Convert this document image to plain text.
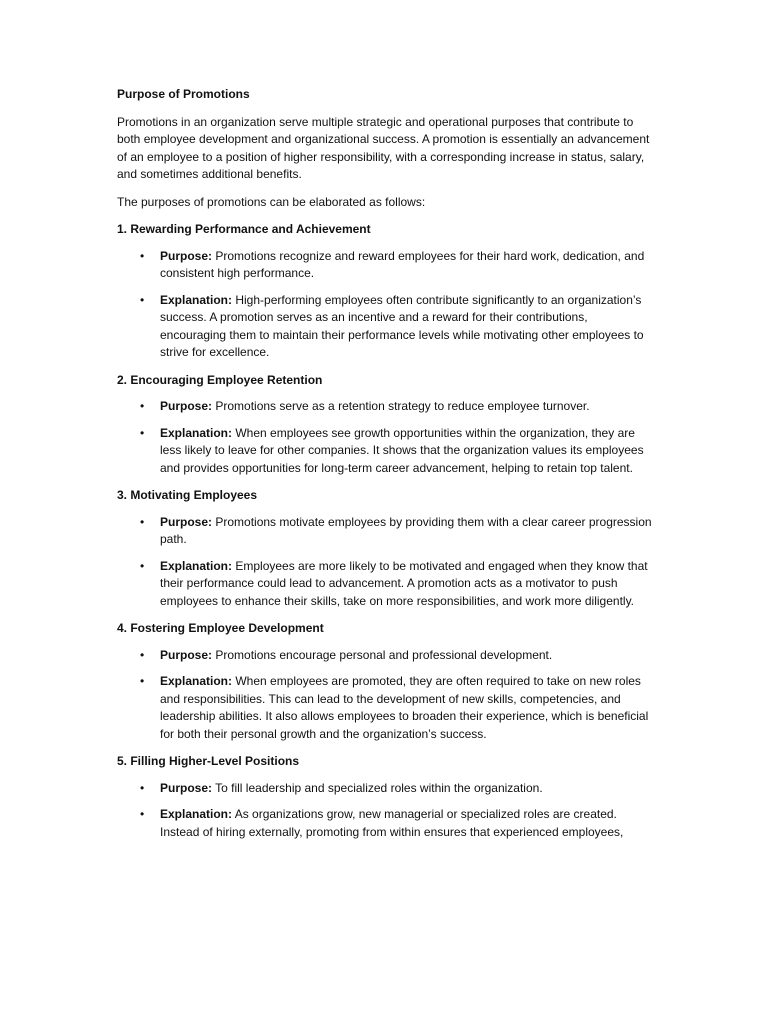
Purpose of Promotions

Promotions in an organization serve multiple strategic and operational purposes that contribute to both employee development and organizational success. A promotion is essentially an advancement of an employee to a position of higher responsibility, with a corresponding increase in status, salary, and sometimes additional benefits.

The purposes of promotions can be elaborated as follows:

1. Rewarding Performance and Achievement

• Purpose: Promotions recognize and reward employees for their hard work, dedication, and consistent high performance.
• Explanation: High-performing employees often contribute significantly to an organization’s success. A promotion serves as an incentive and a reward for their contributions, encouraging them to maintain their performance levels while motivating other employees to strive for excellence.

2. Encouraging Employee Retention

• Purpose: Promotions serve as a retention strategy to reduce employee turnover.
• Explanation: When employees see growth opportunities within the organization, they are less likely to leave for other companies. It shows that the organization values its employees and provides opportunities for long-term career advancement, helping to retain top talent.

3. Motivating Employees

• Purpose: Promotions motivate employees by providing them with a clear career progression path.
• Explanation: Employees are more likely to be motivated and engaged when they know that their performance could lead to advancement. A promotion acts as a motivator to push employees to enhance their skills, take on more responsibilities, and work more diligently.

4. Fostering Employee Development

• Purpose: Promotions encourage personal and professional development.
• Explanation: When employees are promoted, they are often required to take on new roles and responsibilities. This can lead to the development of new skills, competencies, and leadership abilities. It also allows employees to broaden their experience, which is beneficial for both their personal growth and the organization’s success.

5. Filling Higher-Level Positions

• Purpose: To fill leadership and specialized roles within the organization.
• Explanation: As organizations grow, new managerial or specialized roles are created. Instead of hiring externally, promoting from within ensures that experienced employees,
